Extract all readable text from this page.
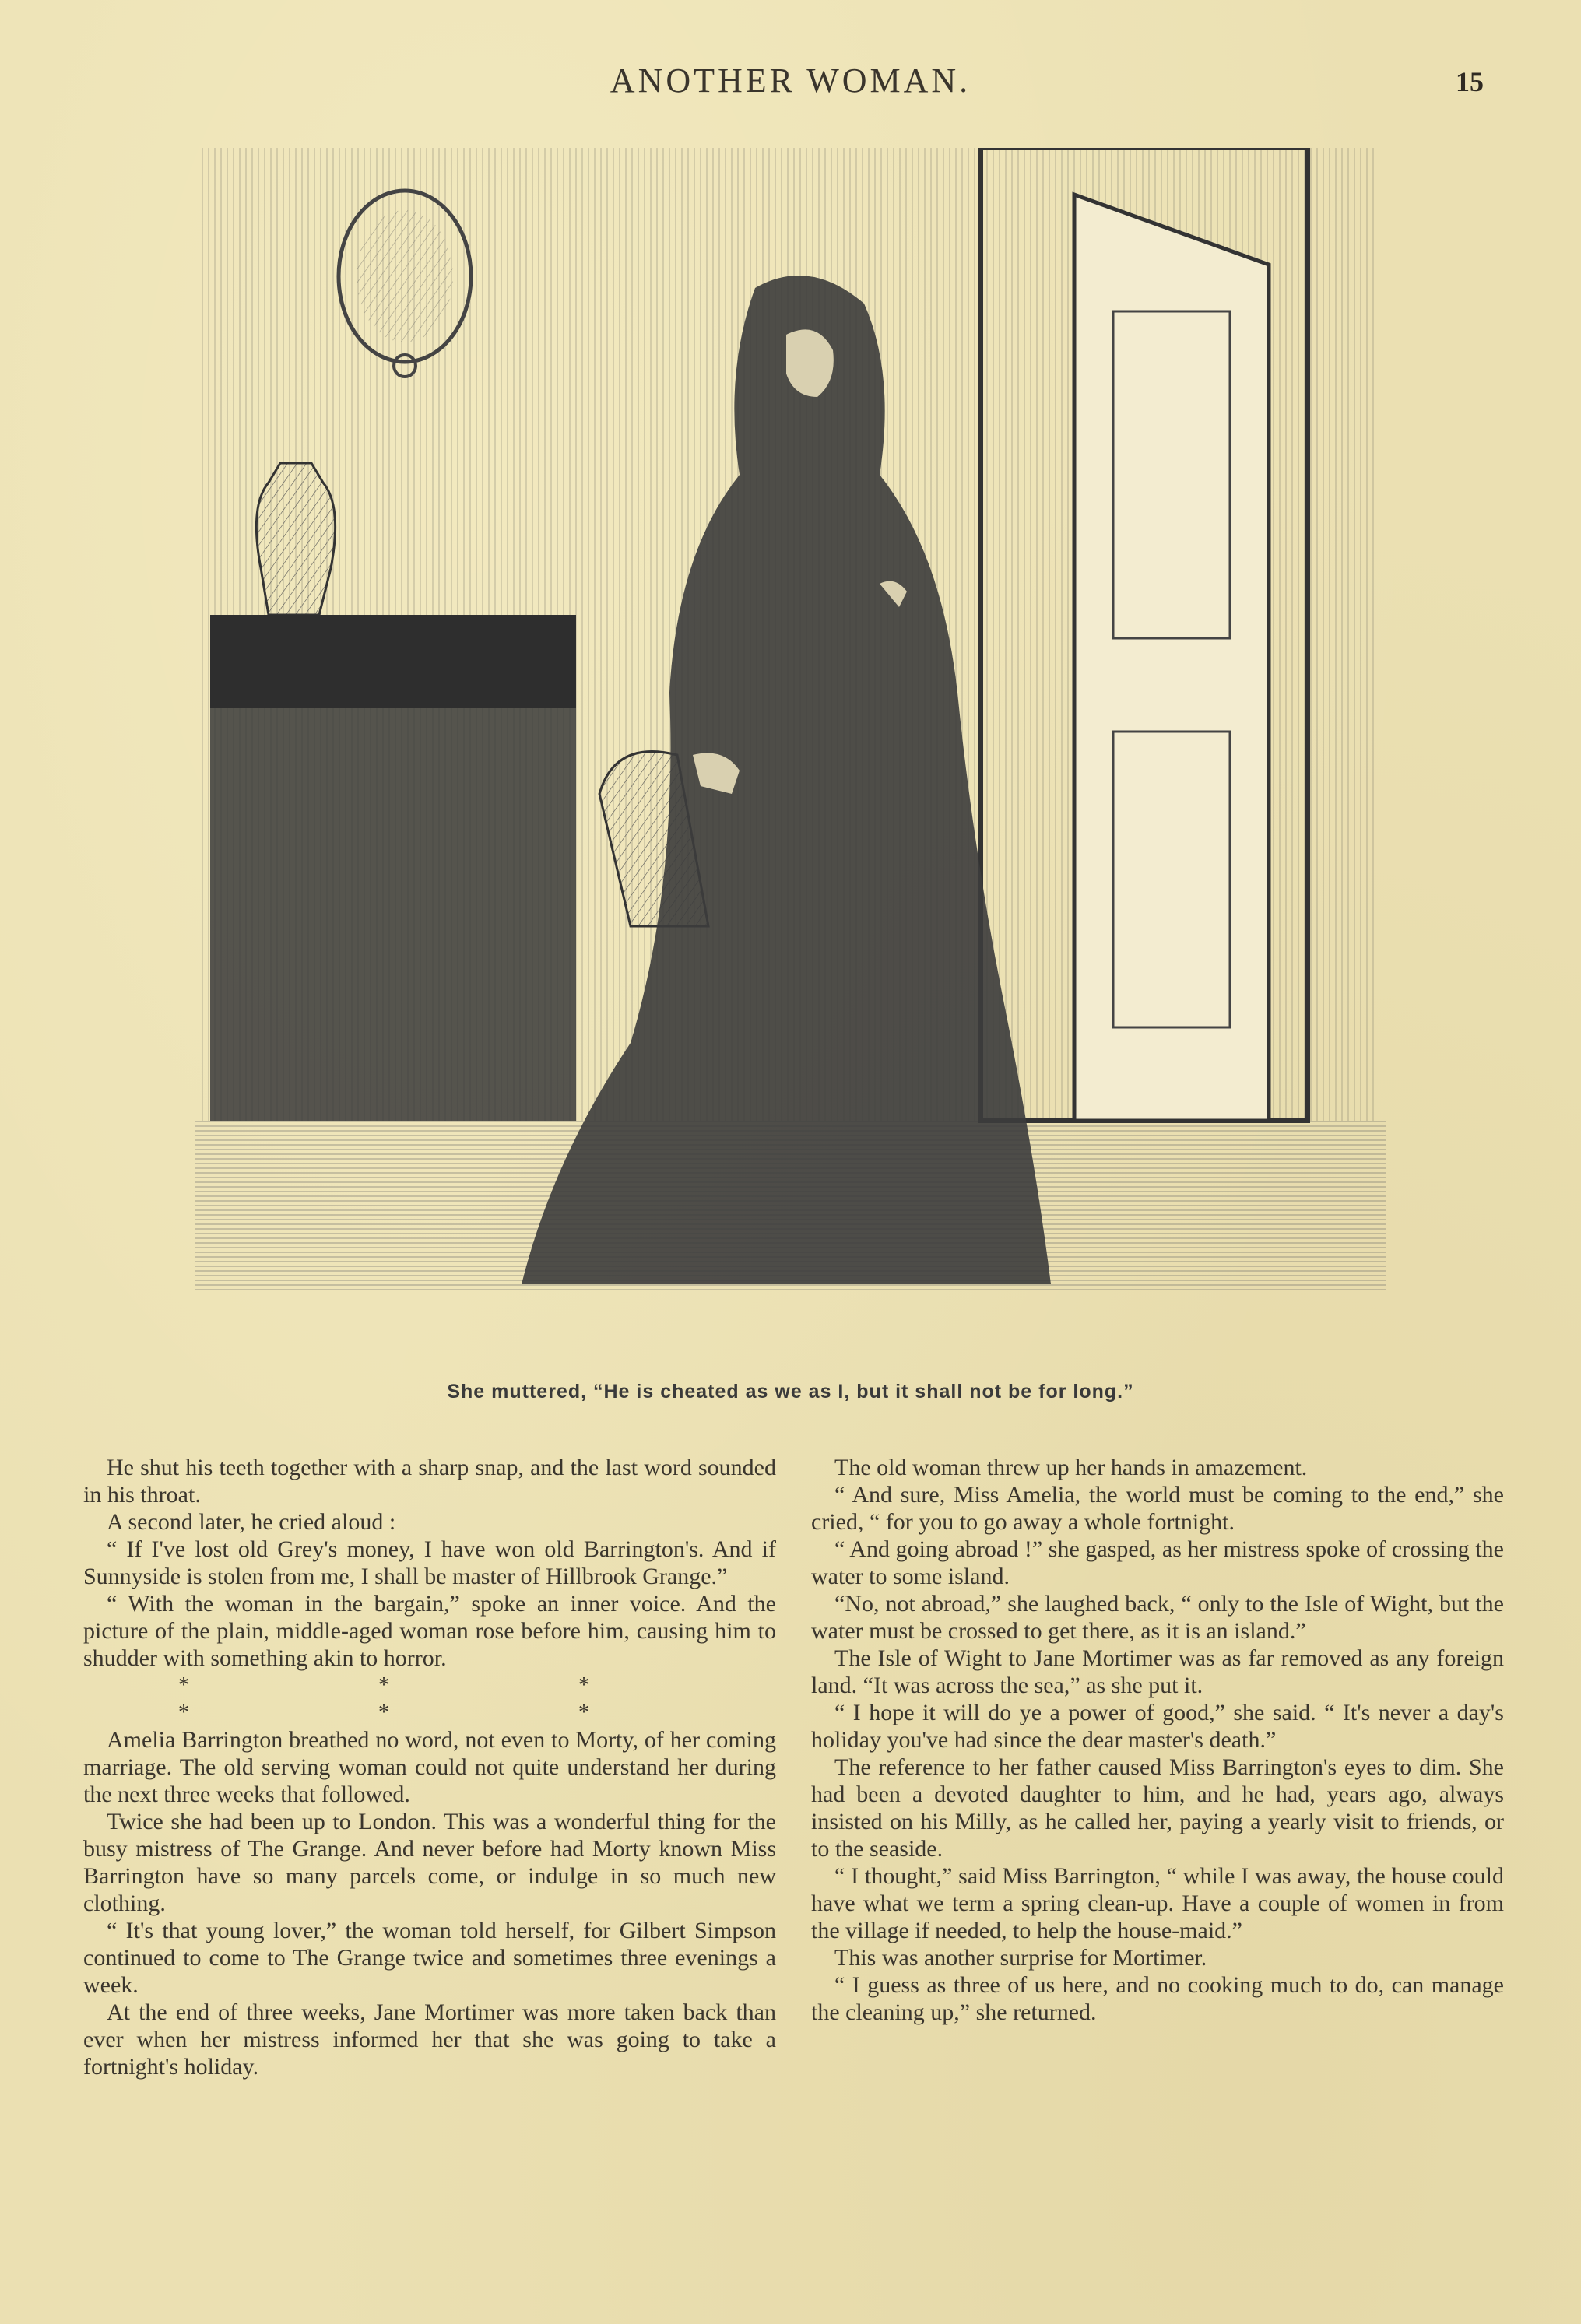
ANOTHER WOMAN.	15
She muttered, “He is cheated as we as I, but it shall not be for long.”

He shut his teeth together with a sharp snap, and the last word sounded in his throat.

A second later, he cried aloud :

“ If I've lost old Grey's money, I have won old Barrington's. And if Sunnyside is stolen from me, I shall be master of Hillbrook Grange.”

“ With the woman in the bargain,” spoke an inner voice. And the picture of the plain, middle-aged woman rose before him, causing him to shudder with something akin to horror.

* * * * * *

Amelia Barrington breathed no word, not even to Morty, of her coming marriage. The old serving woman could not quite understand her during the next three weeks that followed.

Twice she had been up to London. This was a wonderful thing for the busy mistress of The Grange. And never before had Morty known Miss Barrington have so many parcels come, or indulge in so much new clothing.

“ It's that young lover,” the woman told herself, for Gilbert Simpson continued to come to The Grange twice and sometimes three evenings a week.

At the end of three weeks, Jane Mortimer was more taken back than ever when her mistress informed her that she was going to take a fortnight's holiday.

The old woman threw up her hands in amazement.

“ And sure, Miss Amelia, the world must be coming to the end,” she cried, “ for you to go away a whole fortnight.

“ And going abroad !” she gasped, as her mistress spoke of crossing the water to some island.

“No, not abroad,” she laughed back, “ only to the Isle of Wight, but the water must be crossed to get there, as it is an island.”

The Isle of Wight to Jane Mortimer was as far removed as any foreign land. “It was across the sea,” as she put it.

“ I hope it will do ye a power of good,” she said. “ It's never a day's holiday you've had since the dear master's death.”

The reference to her father caused Miss Barrington's eyes to dim. She had been a devoted daughter to him, and he had, years ago, always insisted on his Milly, as he called her, paying a yearly visit to friends, or to the seaside.

“ I thought,” said Miss Barrington, “ while I was away, the house could have what we term a spring clean-up. Have a couple of women in from the village if needed, to help the house-maid.”

This was another surprise for Mortimer.

“ I guess as three of us here, and no cooking much to do, can manage the cleaning up,” she returned.
